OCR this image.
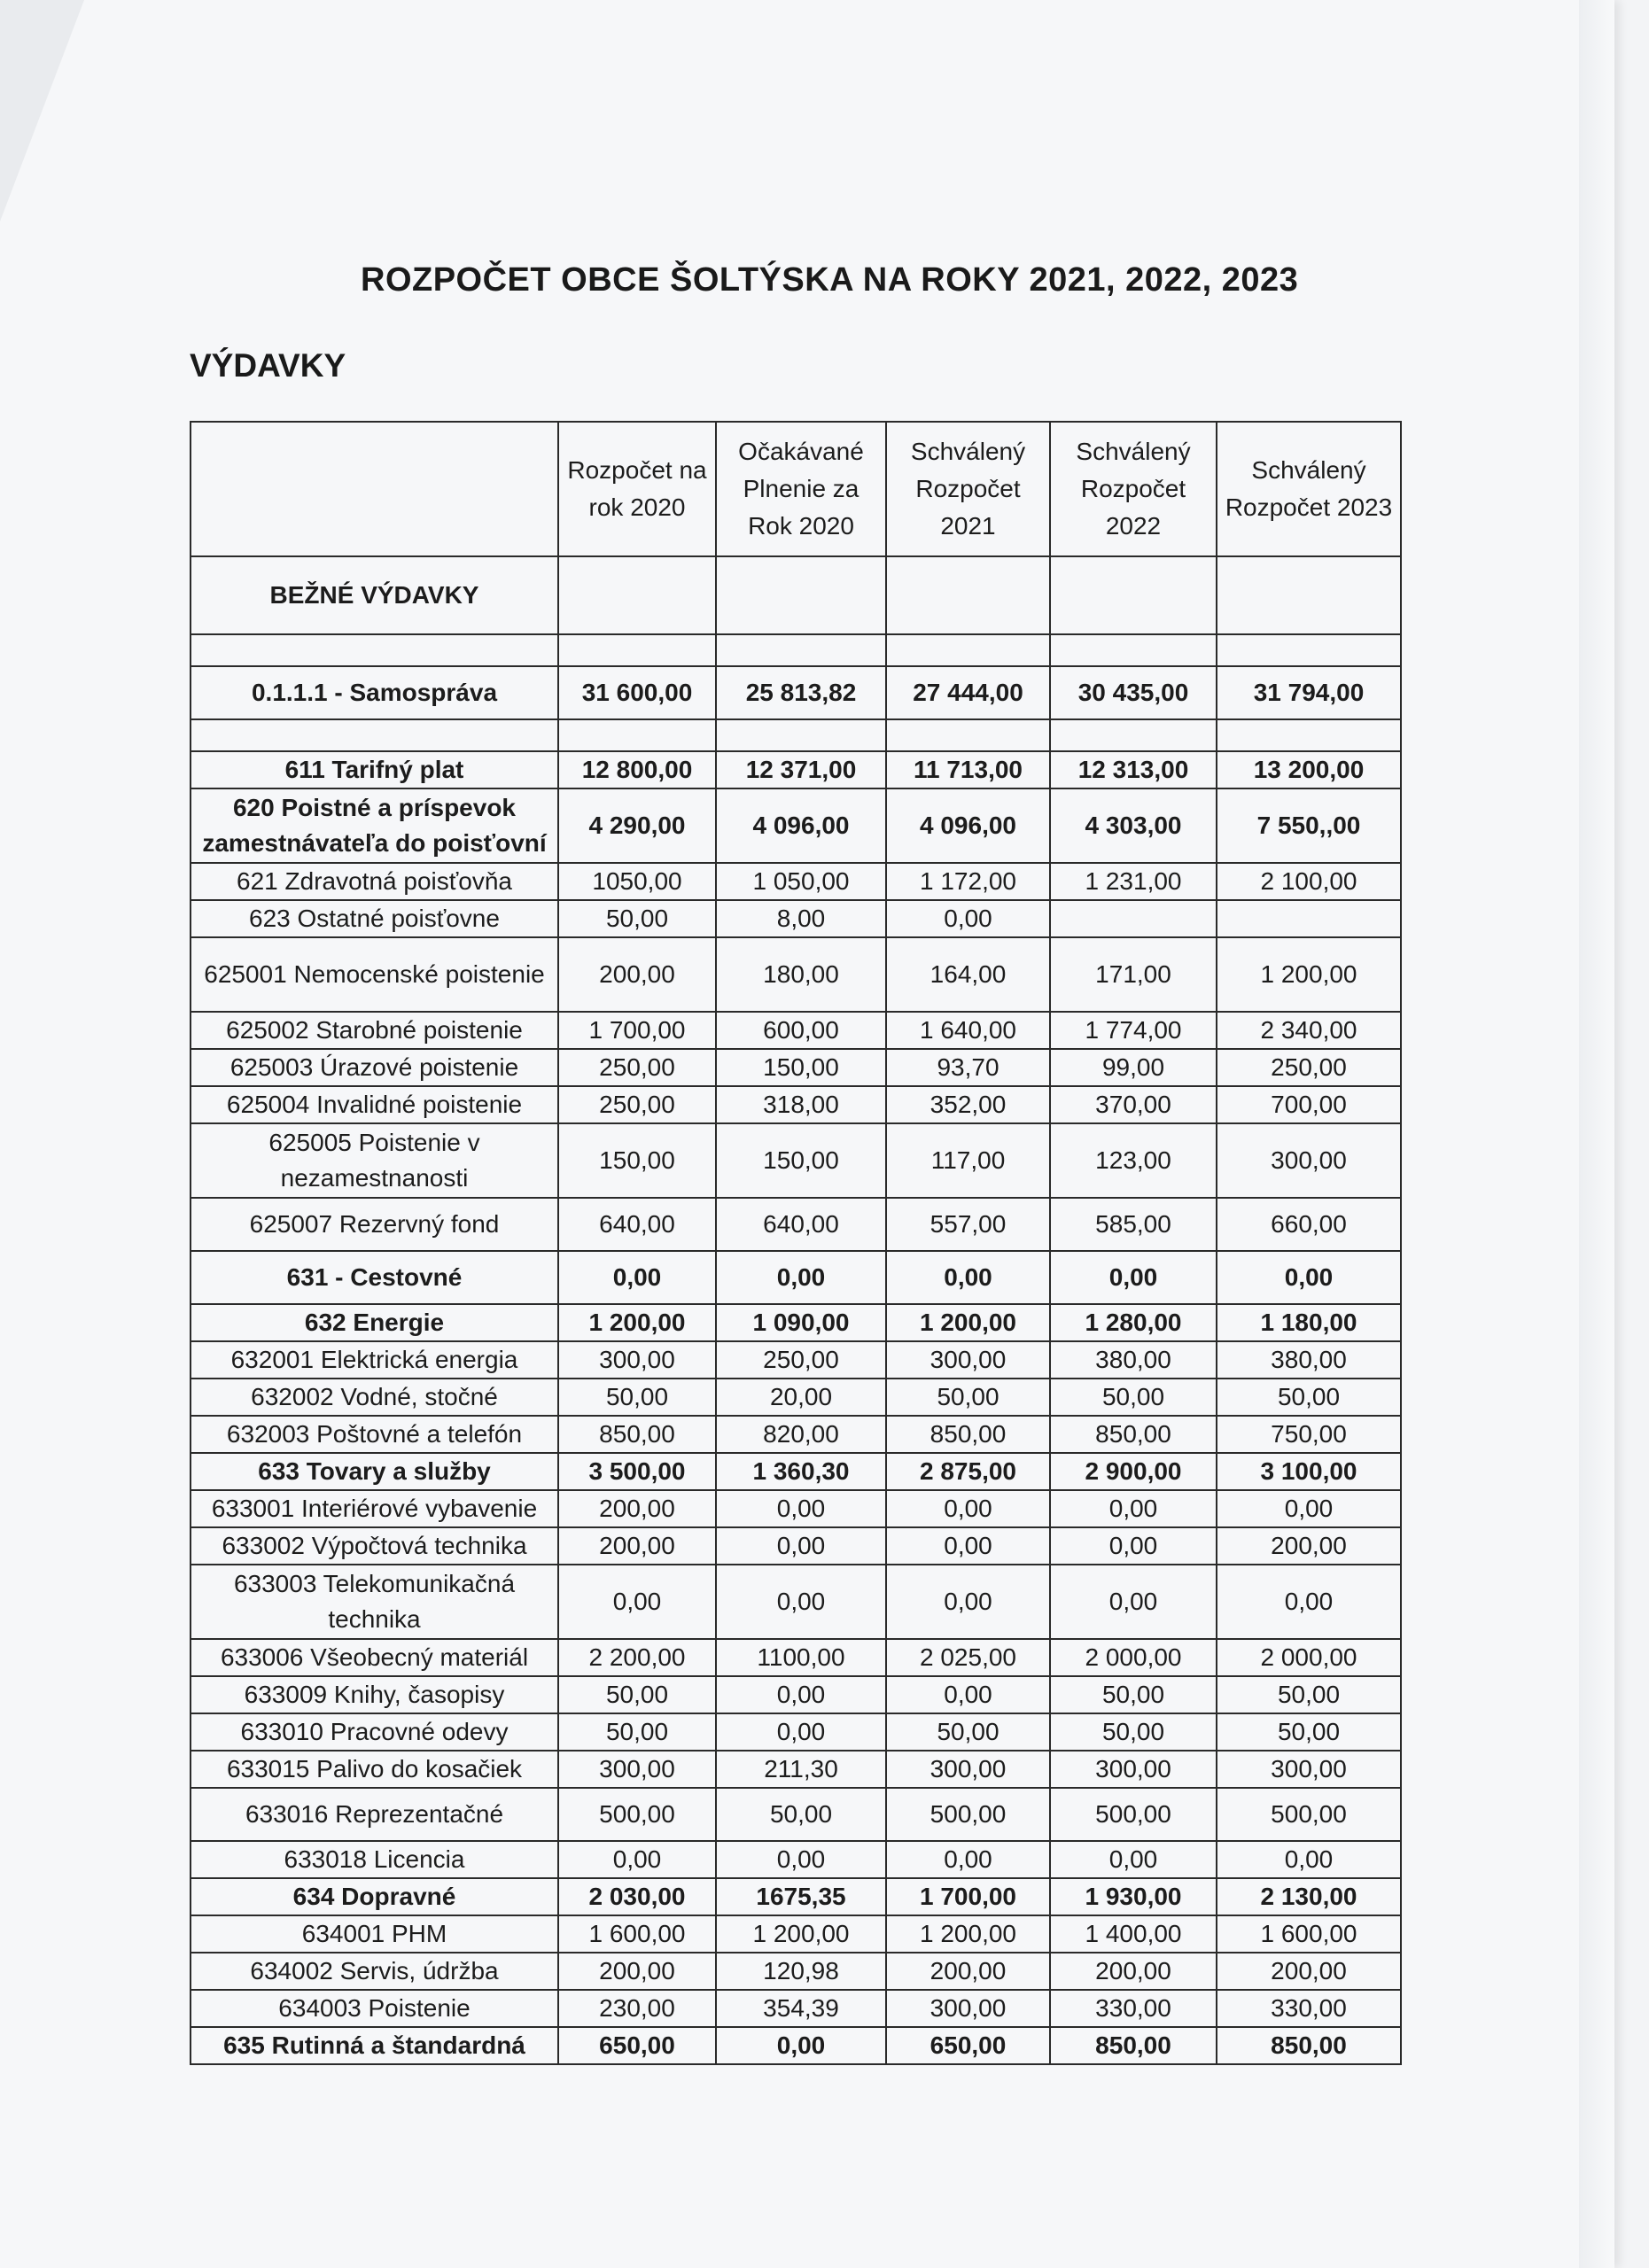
ROZPOČET OBCE ŠOLTÝSKA NA ROKY 2021, 2022, 2023
VÝDAVKY
	Rozpočet na rok 2020	Očakávané Plnenie za Rok 2020	Schválený Rozpočet 2021	Schválený Rozpočet 2022	Schválený Rozpočet 2023
BEŽNÉ VÝDAVKY					

0.1.1.1 - Samospráva	31 600,00	25 813,82	27 444,00	30 435,00	31 794,00

611 Tarifný plat	12 800,00	12 371,00	11 713,00	12 313,00	13 200,00
620 Poistné a príspevok zamestnávateľa do poisťovní	4 290,00	4 096,00	4 096,00	4 303,00	7 550,,00
621 Zdravotná poisťovňa	1050,00	1 050,00	1 172,00	1 231,00	2 100,00
623 Ostatné poisťovne	50,00	8,00	0,00		
625001 Nemocenské poistenie	200,00	180,00	164,00	171,00	1 200,00
625002 Starobné poistenie	1 700,00	600,00	1 640,00	1 774,00	2 340,00
625003 Úrazové poistenie	250,00	150,00	93,70	99,00	250,00
625004 Invalidné poistenie	250,00	318,00	352,00	370,00	700,00
625005 Poistenie v nezamestnanosti	150,00	150,00	117,00	123,00	300,00
625007 Rezervný fond	640,00	640,00	557,00	585,00	660,00
631 - Cestovné	0,00	0,00	0,00	0,00	0,00
632 Energie	1 200,00	1 090,00	1 200,00	1 280,00	1 180,00
632001 Elektrická energia	300,00	250,00	300,00	380,00	380,00
632002 Vodné, stočné	50,00	20,00	50,00	50,00	50,00
632003 Poštovné a telefón	850,00	820,00	850,00	850,00	750,00
633 Tovary a služby	3 500,00	1 360,30	2 875,00	2 900,00	3 100,00
633001 Interiérové vybavenie	200,00	0,00	0,00	0,00	0,00
633002 Výpočtová technika	200,00	0,00	0,00	0,00	200,00
633003 Telekomunikačná technika	0,00	0,00	0,00	0,00	0,00
633006 Všeobecný materiál	2 200,00	1100,00	2 025,00	2 000,00	2 000,00
633009 Knihy, časopisy	50,00	0,00	0,00	50,00	50,00
633010 Pracovné odevy	50,00	0,00	50,00	50,00	50,00
633015 Palivo do kosačiek	300,00	211,30	300,00	300,00	300,00
633016 Reprezentačné	500,00	50,00	500,00	500,00	500,00
633018 Licencia	0,00	0,00	0,00	0,00	0,00
634 Dopravné	2 030,00	1675,35	1 700,00	1 930,00	2 130,00
634001 PHM	1 600,00	1 200,00	1 200,00	1 400,00	1 600,00
634002 Servis, údržba	200,00	120,98	200,00	200,00	200,00
634003 Poistenie	230,00	354,39	300,00	330,00	330,00
635 Rutinná a štandardná	650,00	0,00	650,00	850,00	850,00
